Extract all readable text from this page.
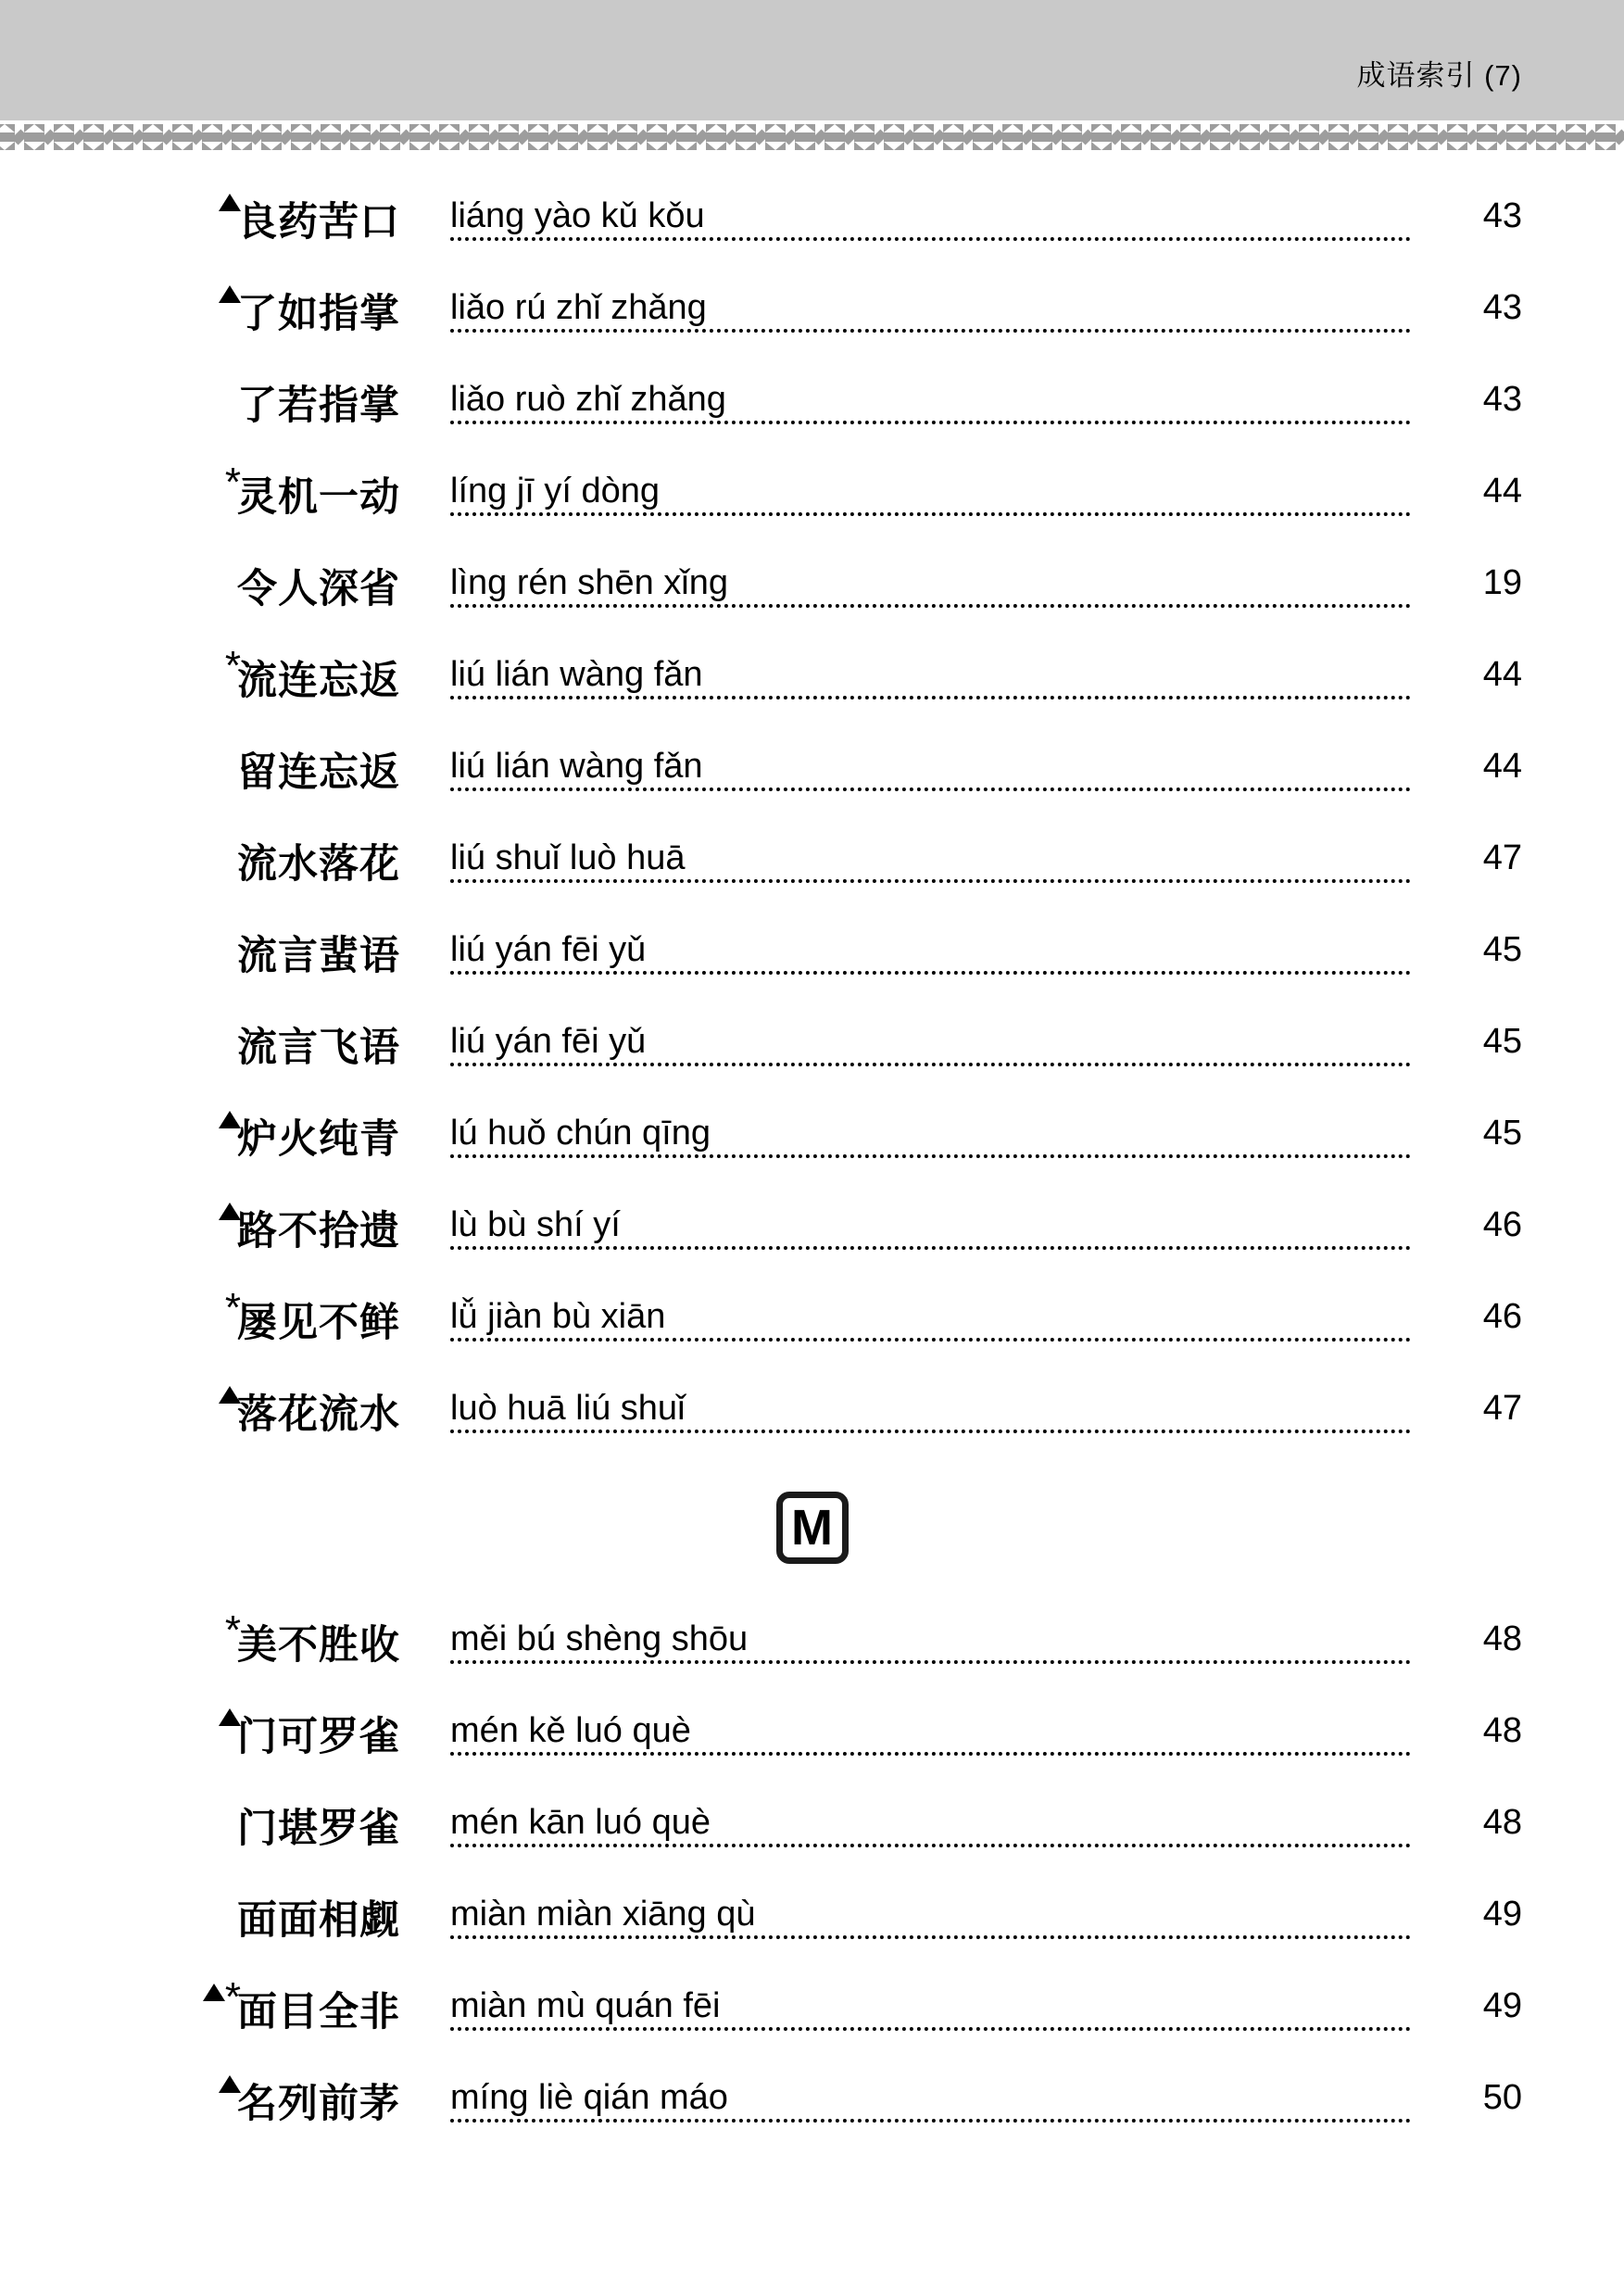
成语索引 (7)
良药苦口	liáng yào kǔ kǒu	43
了如指掌	liǎo rú zhǐ zhǎng	43
了若指掌	liǎo ruò zhǐ zhǎng	43
*
灵机一动	líng jī yí dòng	44
令人深省	lìng rén shēn xǐng	19
*
流连忘返	liú lián wàng fǎn	44
留连忘返	liú lián wàng fǎn	44
流水落花	liú shuǐ luò huā	47
流言蜚语	liú yán fēi yǔ	45
流言飞语	liú yán fēi yǔ	45
炉火纯青	lú huǒ chún qīng	45
路不拾遗	lù bù shí yí	46
*
屡见不鲜	lǚ jiàn bù xiān	46
落花流水	luò huā liú shuǐ	47
M
*
美不胜收	měi bú shèng shōu	48
门可罗雀	mén kě luó què	48
门堪罗雀	mén kān luó què	48
面面相觑	miàn miàn xiāng qù	49
*
面目全非	miàn mù quán fēi	49
名列前茅	míng liè qián máo	50
